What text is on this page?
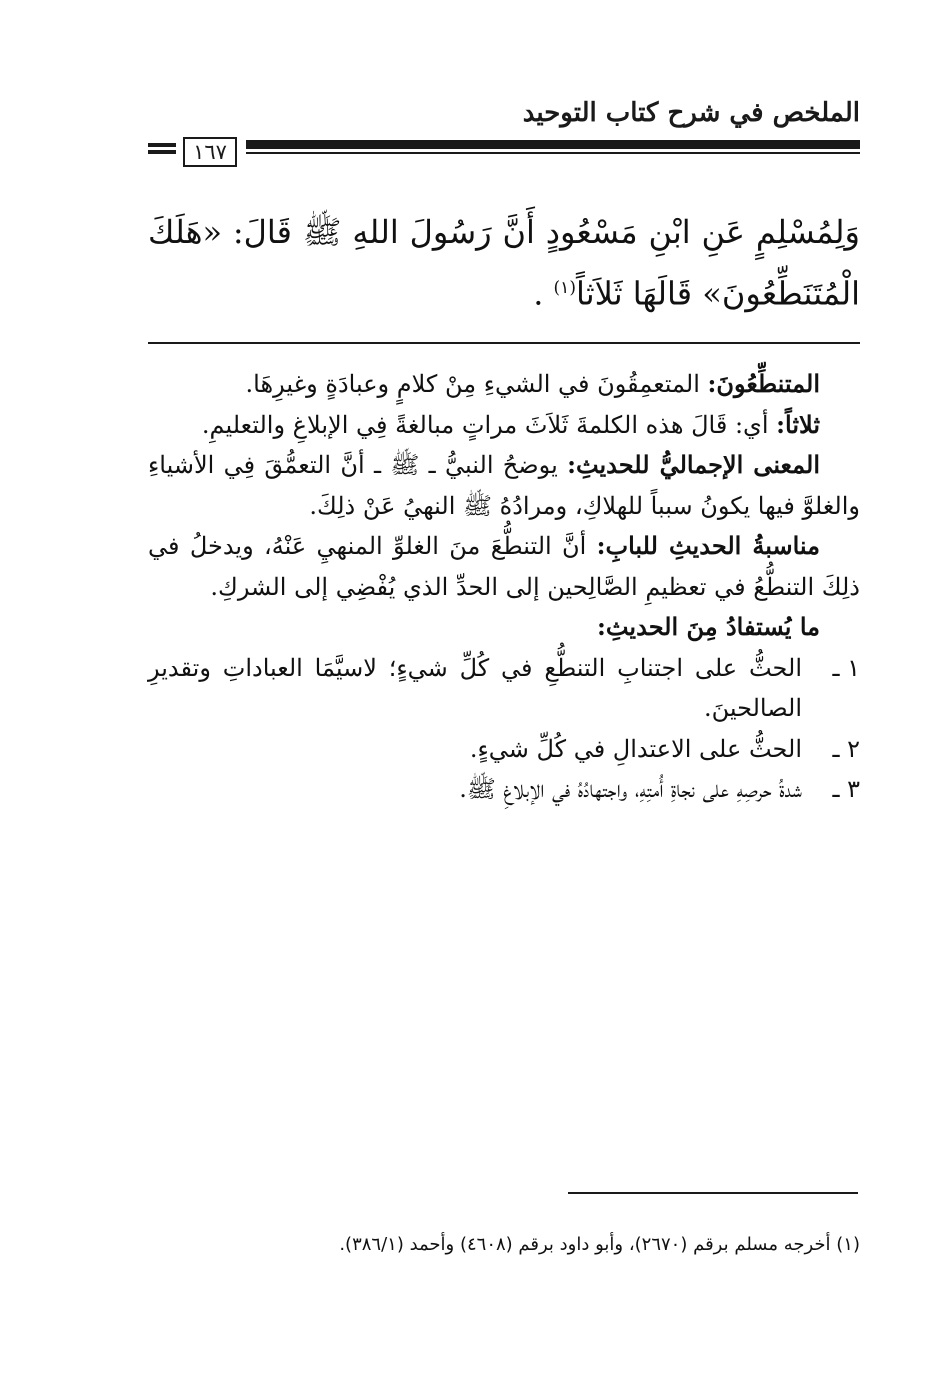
الملخص في شرح كتاب التوحيد
١٦٧
وَلِمُسْلِمٍ عَنِ ابْنِ مَسْعُودٍ أَنَّ رَسُولَ اللهِ ﷺ قَالَ: «هَلَكَ الْمُتَنَطِّعُونَ» قَالَهَا ثَلاَثاً$^{(١)}$ .

المتنطِّعُونَ: المتعمِقُونَ في الشيءِ مِنْ كلامٍ وعبادَةٍ وغيرِهَا.

ثلاثاً: أي: قَالَ هذه الكلمةَ ثَلاَثَ مراتٍ مبالغةً فِي الإبلاغِ والتعليمِ.

المعنى الإجماليُّ للحديثِ: يوضحُ النبيُّ ـ ﷺ ـ أنَّ التعمُّقَ فِي الأشياءِ والغلوَّ فيها يكونُ سبباً للهلاكِ، ومرادُهُ ﷺ النهيُ عَنْ ذلِكَ.

مناسبةُ الحديثِ للبابِ: أنَّ التنطُّعَ منَ الغلوِّ المنهيِ عَنْهُ، ويدخلُ في ذلِكَ التنطُّعُ في تعظيمِ الصَّالِحين إلى الحدِّ الذي يُفْضِي إلى الشركِ.

ما يُستفادُ مِنَ الحديثِ:

١ ـالحثُّ على اجتنابِ التنطُّعِ في كُلِّ شيءٍ؛ لاسيَّمَا العباداتِ وتقديرِ الصالحينَ.
٢ ـالحثُّ على الاعتدالِ في كُلِّ شيءٍ.
٣ ـشدةُ حرصِهِ على نجاةِ أُمتِهِ، واجتهادُهُ في الإبلاغِ ﷺ.
(١) أخرجه مسلم برقم (٢٦٧٠)، وأبو داود برقم (٤٦٠٨) وأحمد (٣٨٦/١).
